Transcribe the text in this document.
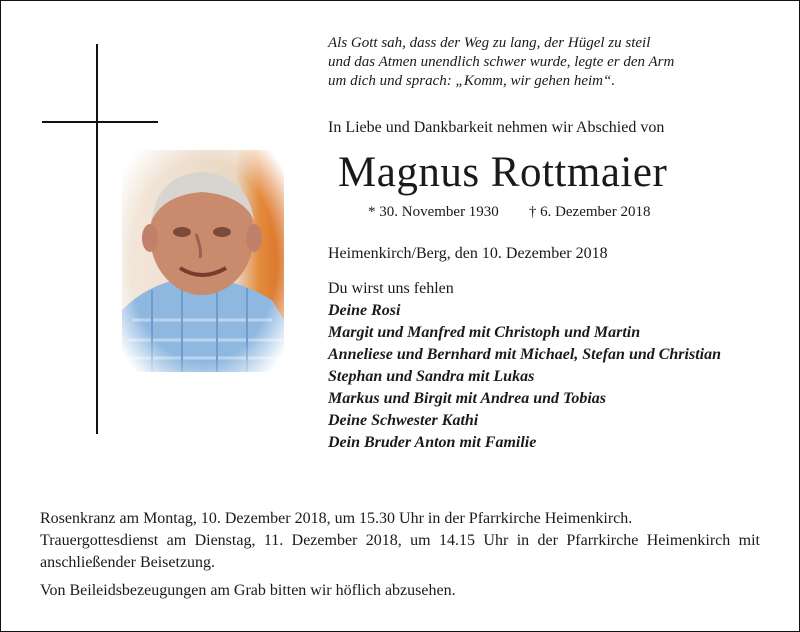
Als Gott sah, dass der Weg zu lang, der Hügel zu steil
und das Atmen unendlich schwer wurde, legte er den Arm
um dich und sprach: „Komm, wir gehen heim“.
In Liebe und Dankbarkeit nehmen wir Abschied von
Magnus Rottmaier
* 30. November 1930 † 6. Dezember 2018
Heimenkirch/Berg, den 10. Dezember 2018
Du wirst uns fehlen
Deine Rosi
Margit und Manfred mit Christoph und Martin
Anneliese und Bernhard mit Michael, Stefan und Christian
Stephan und Sandra mit Lukas
Markus und Birgit mit Andrea und Tobias
Deine Schwester Kathi
Dein Bruder Anton mit Familie

Rosenkranz am Montag, 10. Dezember 2018, um 15.30 Uhr in der Pfarrkirche Heimenkirch.

Trauergottesdienst am Dienstag, 11. Dezember 2018, um 14.15 Uhr in der Pfarrkirche Heimenkirch mit anschließender Beisetzung.

Von Beileidsbezeugungen am Grab bitten wir höflich abzusehen.
